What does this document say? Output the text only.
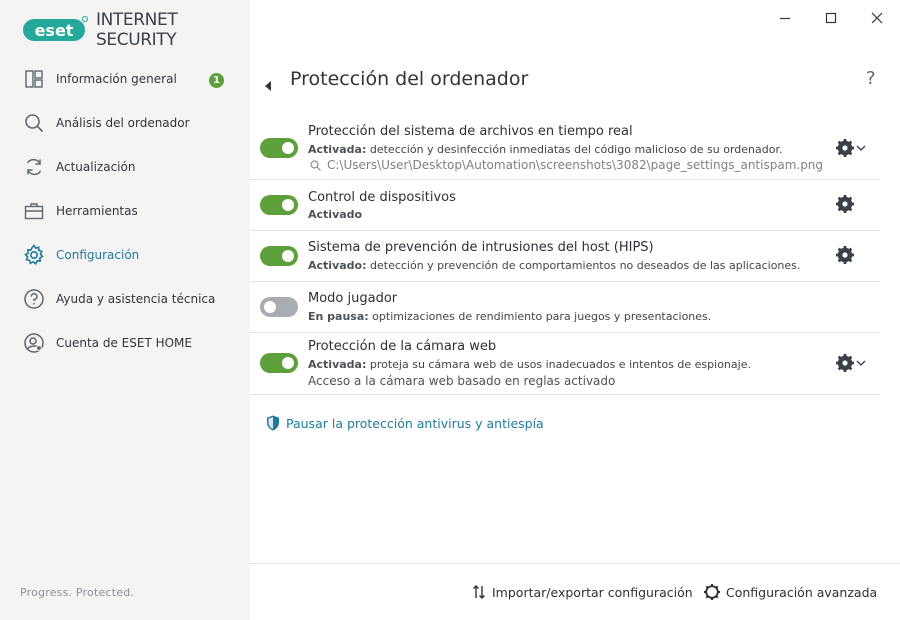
eset
INTERNET SECURITY
Información general	1
Análisis del ordenador
Actualización
Herramientas
Configuración
Ayuda y asistencia técnica
Cuenta de ESET HOME
Progress. Protected.
Protección del ordenador	?
Protección del sistema de archivos en tiempo real
Activada: detección y desinfección inmediatas del código malicioso de su ordenador.
C:\Users\User\Desktop\Automation\screenshots\3082\page_settings_antispam.png
Control de dispositivos
Activado
Sistema de prevención de intrusiones del host (HIPS)
Activado: detección y prevención de comportamientos no deseados de las aplicaciones.
Modo jugador
En pausa: optimizaciones de rendimiento para juegos y presentaciones.
Protección de la cámara web
Activada: proteja su cámara web de usos inadecuados e intentos de espionaje.
Acceso a la cámara web basado en reglas activado
Pausar la protección antivirus y antiespía
Importar/exportar configuración	Configuración avanzada
